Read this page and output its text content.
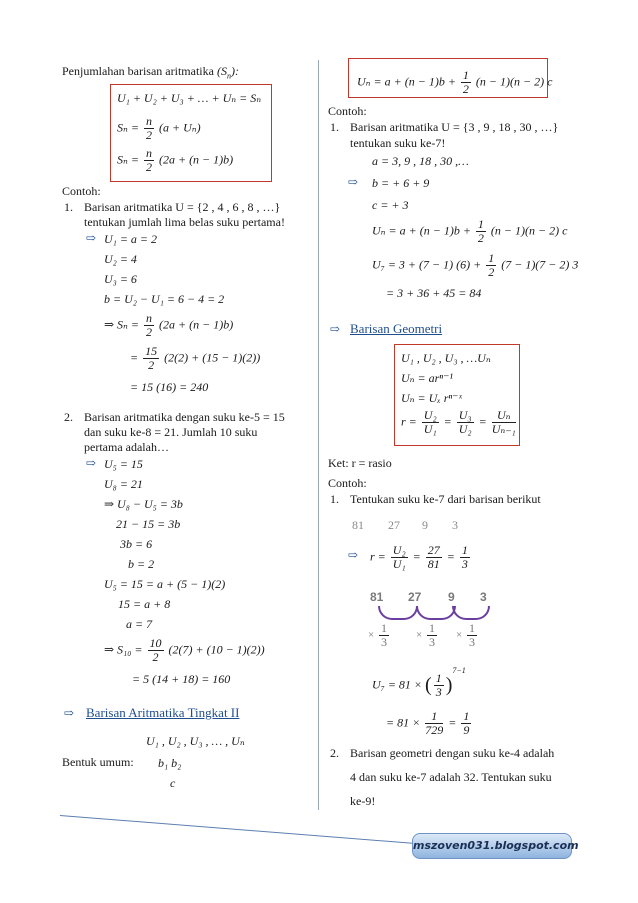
Penjumlahan barisan aritmatika $(S_n)$:
U₁ + U₂ + U₃ + … + Uₙ = Sₙ
$S_n = \frac{n}{2} (a + U_n)$
$S_n = \frac{n}{2} (2a + (n - 1)b)$
Contoh:
1. Barisan aritmatika U = {2 , 4 , 6 , 8 , …}
tentukan jumlah lima belas suku pertama!
⇨ U₁ = a = 2
U₂ = 4
U₃ = 6
b = U₂ − U₁ = 6 − 4 = 2
⇒ $S_n = \frac{n}{2} (2a + (n - 1)b)$
= $\frac{15}{2} (2(2) + (15 - 1)(2))$
= 15 (16) = 240
2. Barisan aritmatika dengan suku ke-5 = 15
dan suku ke-8 = 21. Jumlah 10 suku
pertama adalah…
⇨ U₅ = 15
U₈ = 21
⇒ U₈ − U₅ = 3b
21 − 15 = 3b
3b = 6
b = 2
U₅ = 15 = a + (5 − 1)(2)
15 = a + 8
a = 7
⇒ $S_{10} = \frac{10}{2} (2(7) + (10 - 1)(2))$
= 5 (14 + 18) = 160
⇨ Barisan Aritmatika Tingkat II
U₁ , U₂ , U₃ , … , Uₙ
Bentuk umum: b₁ b₂
c
$U_n = a + (n - 1)b + \frac{1}{2} (n - 1)(n - 2)$ c
Contoh:
1. Barisan aritmatika U = {3 , 9 , 18 , 30 , …}
tentukan suku ke-7!
a = 3, 9 , 18 , 30 ,…
⇨ b = + 6 + 9
c = + 3
$U_n = a + (n - 1)b + \frac{1}{2} (n - 1)(n - 2)$ c
U₇ = 3 + (7 − 1) $(6) + \frac{1}{2} (7 - 1)(7 - 2)$ 3
= 3 + 36 + 45 = 84
⇨ Barisan Geometri
U₁ , U₂ , U₃ , …Uₙ
Uₙ = arⁿ⁻¹
Uₙ = Uₓ rⁿ⁻ˣ
$r = \frac{\text{U₂}}{\text{U₁}} = \frac{\text{U₃}}{\text{U₂}} = \frac{\text{Uₙ}}{\text{Uₙ₋₁}}$
Ket: r = rasio
Contoh:
1. Tentukan suku ke-7 dari barisan berikut
81 27 9 3
⇨ $r = \frac{\text{U₂}}{\text{U₁}} = \frac{27}{81} = \frac{1}{3}$
81 27 9 3
× $\frac{1}{3} \times \frac{1}{3} \times \frac{1}{3}$
U₇ = 81 × ( $\frac{1}{3} )^{7-1}$
= $81 \times \frac{1}{729} = \frac{1}{9}$
2. Barisan geometri dengan suku ke-4 adalah
4 dan suku ke-7 adalah 32. Tentukan suku
ke-9!
mszoven031.blogspot.com
